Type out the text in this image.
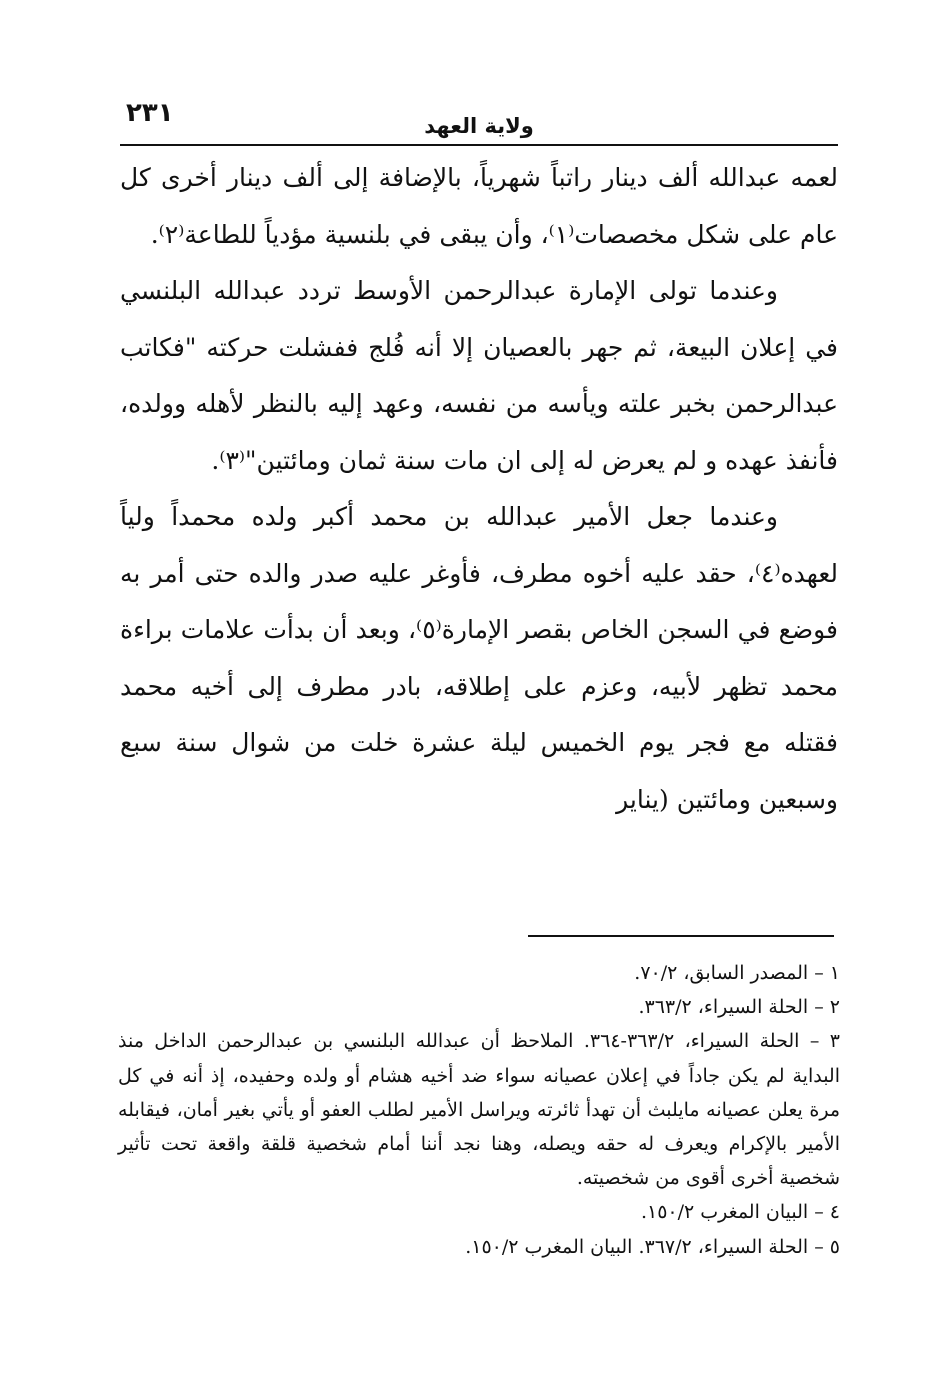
٢٣١	ولاية العهد

لعمه عبدالله ألف دينار راتباً شهرياً، بالإضافة إلى ألف دينار أخرى كل عام على شكل مخصصات⁽١⁾، وأن يبقى في بلنسية مؤدياً للطاعة⁽٢⁾.

وعندما تولى الإمارة عبدالرحمن الأوسط تردد عبدالله البلنسي في إعلان البيعة، ثم جهر بالعصيان إلا أنه فُلج ففشلت حركته "فكاتب عبدالرحمن بخبر علته ويأسه من نفسه، وعهد إليه بالنظر لأهله وولده، فأنفذ عهده و لم يعرض له إلى ان مات سنة ثمان ومائتين"⁽٣⁾.

وعندما جعل الأمير عبدالله بن محمد أكبر ولده محمداً ولياً لعهده⁽٤⁾، حقد عليه أخوه مطرف، فأوغر عليه صدر والده حتى أمر به فوضع في السجن الخاص بقصر الإمارة⁽٥⁾، وبعد أن بدأت علامات براءة محمد تظهر لأبيه، وعزم على إطلاقه، بادر مطرف إلى أخيه محمد فقتله مع فجر يوم الخميس ليلة عشرة خلت من شوال سنة سبع وسبعين ومائتين (يناير

١ – المصدر السابق، ٧٠/٢.

٢ – الحلة السيراء، ٣٦٣/٢.

٣ – الحلة السيراء، ٣٦٣/٢-٣٦٤. الملاحظ أن عبدالله البلنسي بن عبدالرحمن الداخل منذ البداية لم يكن جاداً في إعلان عصيانه سواء ضد أخيه هشام أو ولده وحفيده، إذ أنه في كل مرة يعلن عصيانه مايلبث أن تهدأ ثائرته ويراسل الأمير لطلب العفو أو يأتي بغير أمان، فيقابله الأمير بالإكرام ويعرف له حقه ويصله، وهنا نجد أننا أمام شخصية قلقة واقعة تحت تأثير شخصية أخرى أقوى من شخصيته.

٤ – البيان المغرب ١٥٠/٢.

٥ – الحلة السيراء، ٣٦٧/٢. البيان المغرب ١٥٠/٢.
